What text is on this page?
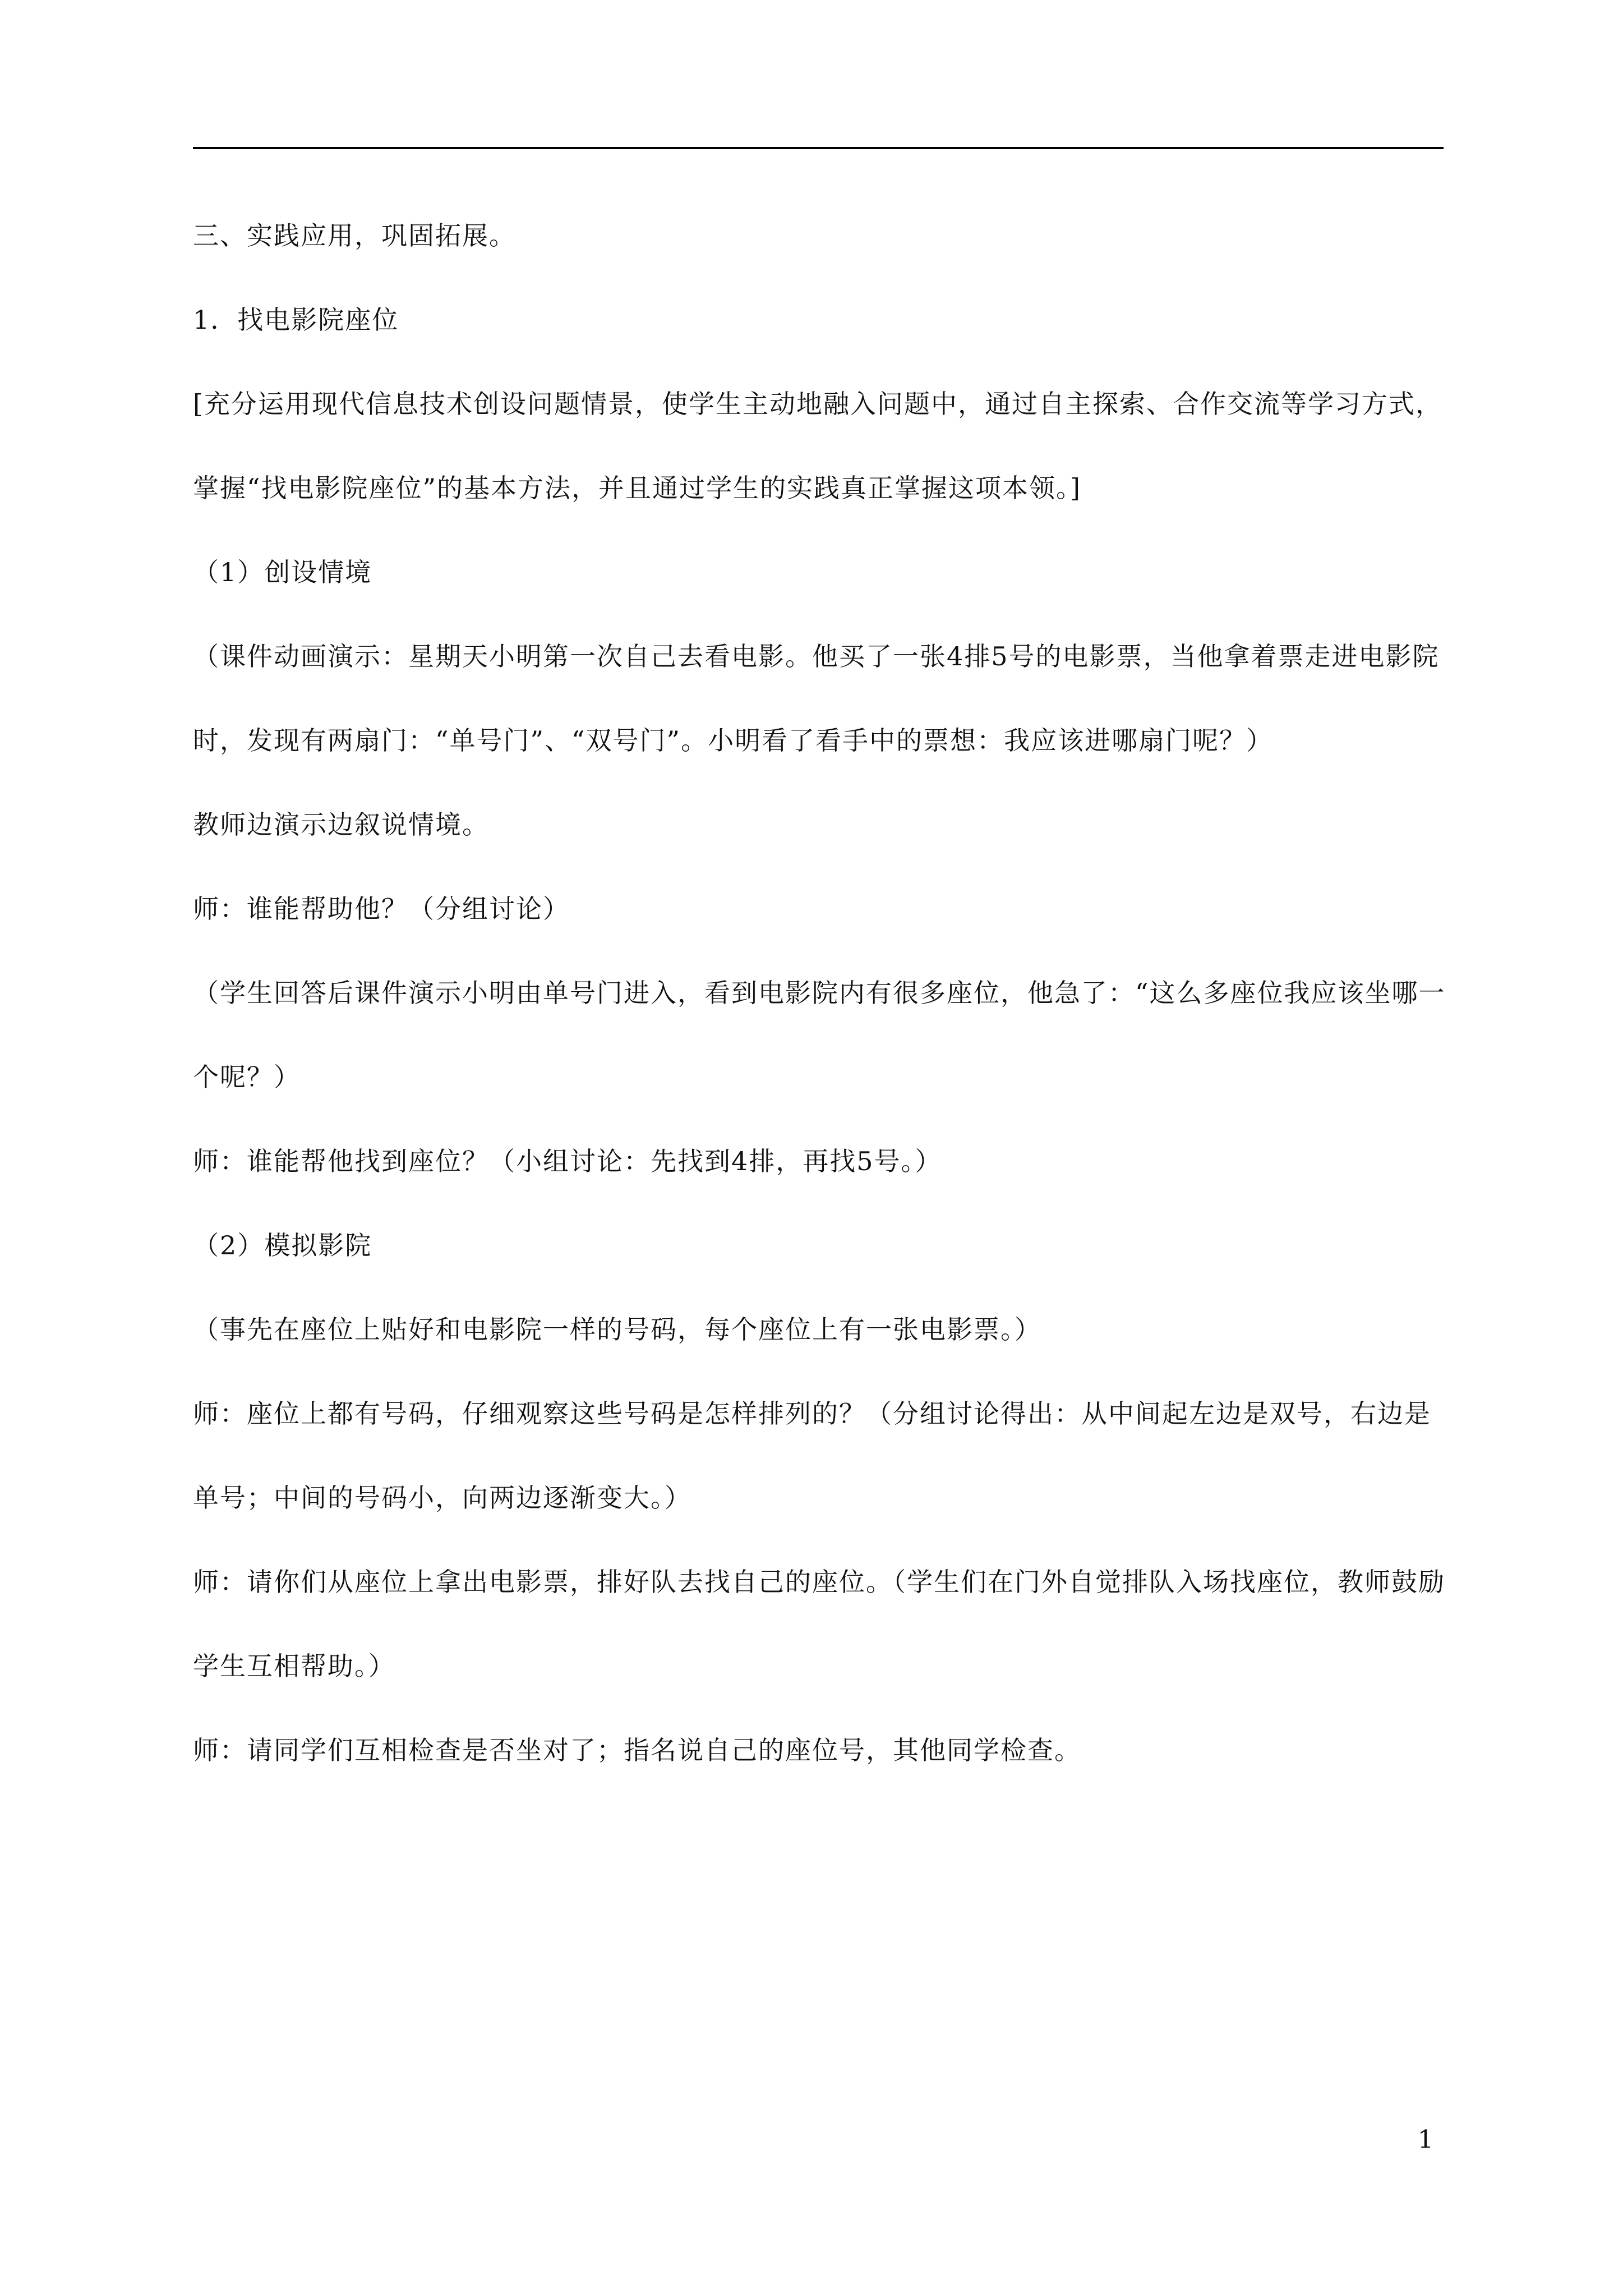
三、实践应用，巩固拓展。

1．找电影院座位

[充分运用现代信息技术创设问题情景，使学生主动地融入问题中，通过自主探索、合作交流等学习方式，掌握“找电影院座位”的基本方法，并且通过学生的实践真正掌握这项本领。]

（1）创设情境

（课件动画演示：星期天小明第一次自己去看电影。他买了一张4排5号的电影票，当他拿着票走进电影院时，发现有两扇门：“单号门”、“双号门”。小明看了看手中的票想：我应该进哪扇门呢？）

教师边演示边叙说情境。

师：谁能帮助他？（分组讨论）

（学生回答后课件演示小明由单号门进入，看到电影院内有很多座位，他急了：“这么多座位我应该坐哪一个呢？）

师：谁能帮他找到座位？（小组讨论：先找到4排，再找5号。）

（2）模拟影院

（事先在座位上贴好和电影院一样的号码，每个座位上有一张电影票。）

师：座位上都有号码，仔细观察这些号码是怎样排列的？（分组讨论得出：从中间起左边是双号，右边是单号；中间的号码小，向两边逐渐变大。）

师：请你们从座位上拿出电影票，排好队去找自己的座位。（学生们在门外自觉排队入场找座位，教师鼓励学生互相帮助。）

师：请同学们互相检查是否坐对了；指名说自己的座位号，其他同学检查。

1
